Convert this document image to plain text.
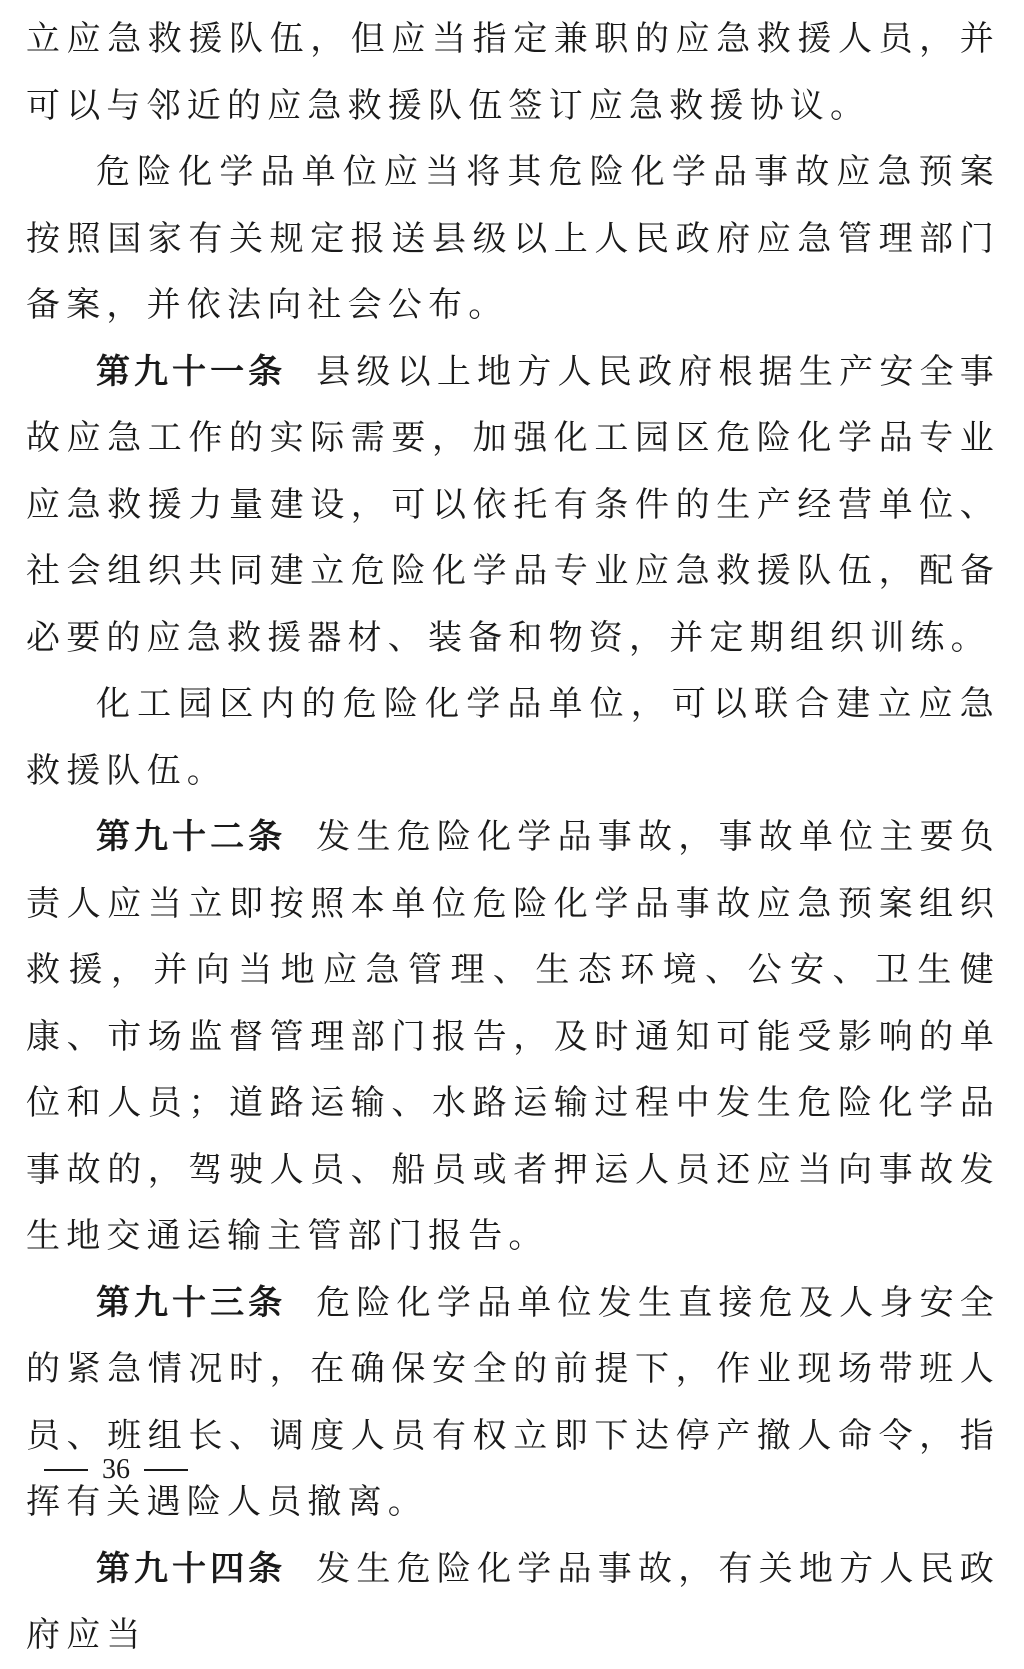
立应急救援队伍，但应当指定兼职的应急救援人员，并可以与邻近的应急救援队伍签订应急救援协议。

危险化学品单位应当将其危险化学品事故应急预案按照国家有关规定报送县级以上人民政府应急管理部门备案，并依法向社会公布。

第九十一条 县级以上地方人民政府根据生产安全事故应急工作的实际需要，加强化工园区危险化学品专业应急救援力量建设，可以依托有条件的生产经营单位、社会组织共同建立危险化学品专业应急救援队伍，配备必要的应急救援器材、装备和物资，并定期组织训练。

化工园区内的危险化学品单位，可以联合建立应急救援队伍。

第九十二条 发生危险化学品事故，事故单位主要负责人应当立即按照本单位危险化学品事故应急预案组织救援，并向当地应急管理、生态环境、公安、卫生健康、市场监督管理部门报告，及时通知可能受影响的单位和人员；道路运输、水路运输过程中发生危险化学品事故的，驾驶人员、船员或者押运人员还应当向事故发生地交通运输主管部门报告。

第九十三条 危险化学品单位发生直接危及人身安全的紧急情况时，在确保安全的前提下，作业现场带班人员、班组长、调度人员有权立即下达停产撤人命令，指挥有关遇险人员撤离。

第九十四条 发生危险化学品事故，有关地方人民政府应当

36
